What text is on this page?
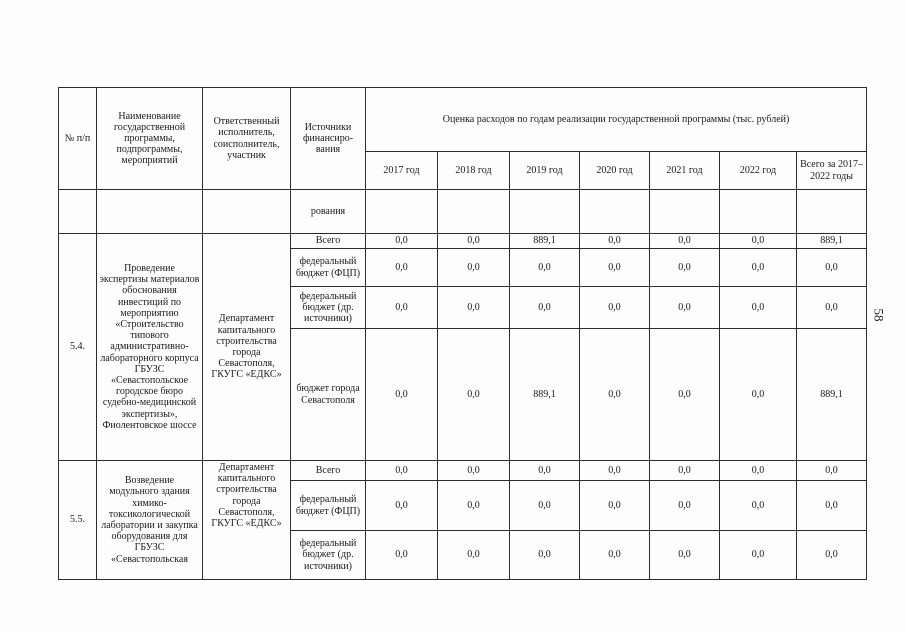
№ п/п	Наименование государственной программы, подпрограммы, мероприятий	Ответственный исполнитель, соисполнитель, участник	Источники финансиро-вания	Оценка расходов по годам реализации государственной программы (тыс. рублей)						
				2017 год	2018 год	2019 год	2020 год	2021 год	2022 год	Всего за 2017–2022 годы
			рования							
5.4.	Проведение экспертизы материалов обоснования инвестиций по мероприятию «Строительство типового административно-лабораторного корпуса ГБУЗС «Севастопольское городское бюро судебно-медицинской экспертизы», Фиолентовское шоссе	Департамент капитального строительства города Севастополя, ГКУГС «ЕДКС»	Всего	0,0	0,0	889,1	0,0	0,0	0,0	889,1
			федеральный бюджет (ФЦП)	0,0	0,0	0,0	0,0	0,0	0,0	0,0
			федеральный бюджет (др. источники)	0,0	0,0	0,0	0,0	0,0	0,0	0,0
			бюджет города Севастополя	0,0	0,0	889,1	0,0	0,0	0,0	889,1
5.5.	Возведение модульного здания химико-токсикологической лаборатории и закупка оборудования для ГБУЗС «Севастопольская	Департамент капитального строительства города Севастополя, ГКУГС «ЕДКС»	Всего	0,0	0,0	0,0	0,0	0,0	0,0	0,0
			федеральный бюджет (ФЦП)	0,0	0,0	0,0	0,0	0,0	0,0	0,0
			федеральный бюджет (др. источники)	0,0	0,0	0,0	0,0	0,0	0,0	0,0
58
